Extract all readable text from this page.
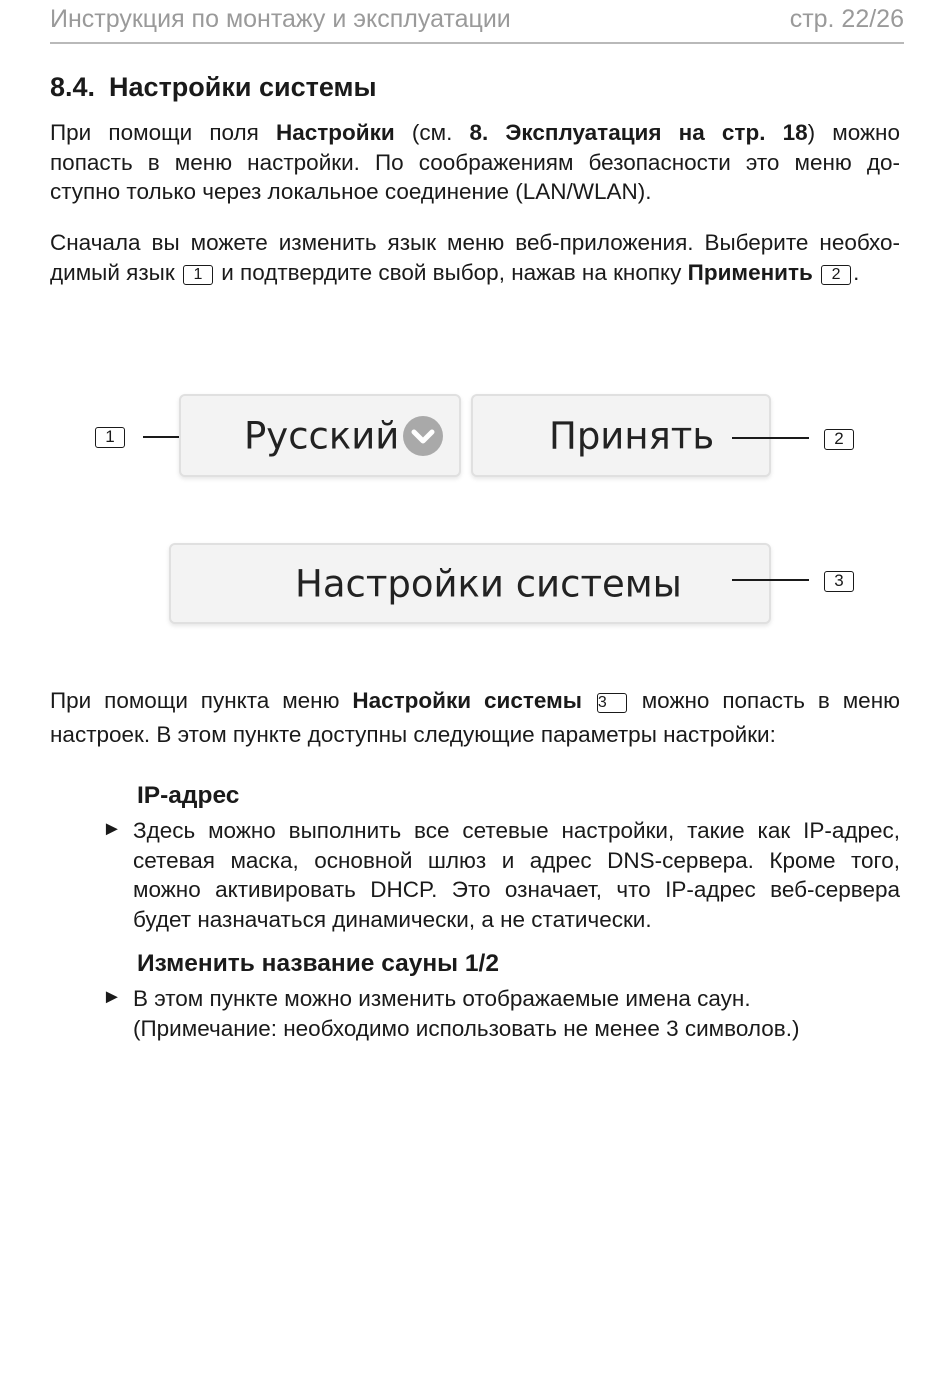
Инструкция по монтажу и эксплуатации	стр. 22/26
8.4. Настройки системы
При помощи поля Настройки (см. 8. Эксплуатация на стр. 18) можно
попасть в меню настройки. По соображениям безопасности это меню до-
ступно только через локальное соединение (LAN/WLAN).
Сначала вы можете изменить язык меню веб-приложения. Выберите необхо-
димый язык 1 и подтвердите свой выбор, нажав на кнопку Применить 2 .
1	Русский	Принять	2
Настройки системы	3
При помощи пункта меню Настройки системы 3 можно попасть в меню
настроек. В этом пункте доступны следующие параметры настройки:
IP-адрес
► Здесь можно выполнить все сетевые настройки, такие как IP-адрес,
сетевая маска, основной шлюз и адрес DNS-сервера. Кроме того,
можно активировать DHCP. Это означает, что IP-адрес веб-сервера
будет назначаться динамически, а не статически.
Изменить название сауны 1/2
► В этом пункте можно изменить отображаемые имена саун.
(Примечание: необходимо использовать не менее 3 символов.)
